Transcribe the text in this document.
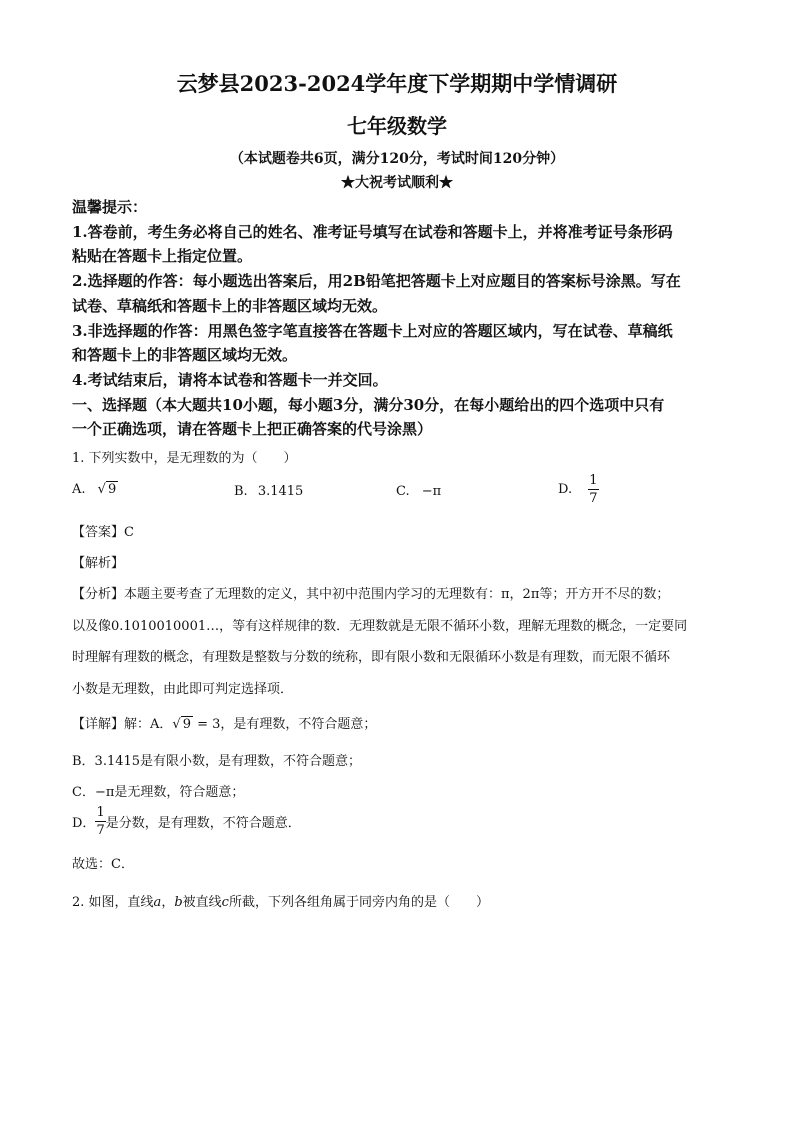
云梦县2023-2024学年度下学期期中学情调研
七年级数学
（本试题卷共6页，满分120分，考试时间120分钟）
★大祝考试顺利★
温馨提示：
1.答卷前，考生务必将自己的姓名、准考证号填写在试卷和答题卡上，并将准考证号条形码
粘贴在答题卡上指定位置。
2.选择题的作答：每小题选出答案后，用2B铅笔把答题卡上对应题目的答案标号涂黑。写在
试卷、草稿纸和答题卡上的非答题区域均无效。
3.非选择题的作答：用黑色签字笔直接答在答题卡上对应的答题区域内，写在试卷、草稿纸
和答题卡上的非答题区域均无效。
4.考试结束后，请将本试卷和答题卡一并交回。
一、选择题（本大题共10小题，每小题3分，满分30分，在每小题给出的四个选项中只有
一个正确选项，请在答题卡上把正确答案的代号涂黑）
1. 下列实数中，是无理数的为（　　）
A. √ 9	B. 3.1415	C. −π	D. $\frac{1}{7}$
【答案】C
【解析】
【分析】本题主要考查了无理数的定义，其中初中范围内学习的无理数有：π，2π等；开方开不尽的数；
以及像0.1010010001…，等有这样规律的数．无理数就是无限不循环小数，理解无理数的概念，一定要同
时理解有理数的概念，有理数是整数与分数的统称，即有限小数和无限循环小数是有理数，而无限不循环
小数是无理数，由此即可判定选择项．
【详解】解：A．√ 9 = 3，是有理数，不符合题意；
B．3.1415是有限小数，是有理数，不符合题意；
C．−π是无理数，符合题意；
D． $\frac{1}{7}$ 是分数，是有理数，不符合题意．
故选：C．
2. 如图，直线a，b被直线c所截，下列各组角属于同旁内角的是（　　）
